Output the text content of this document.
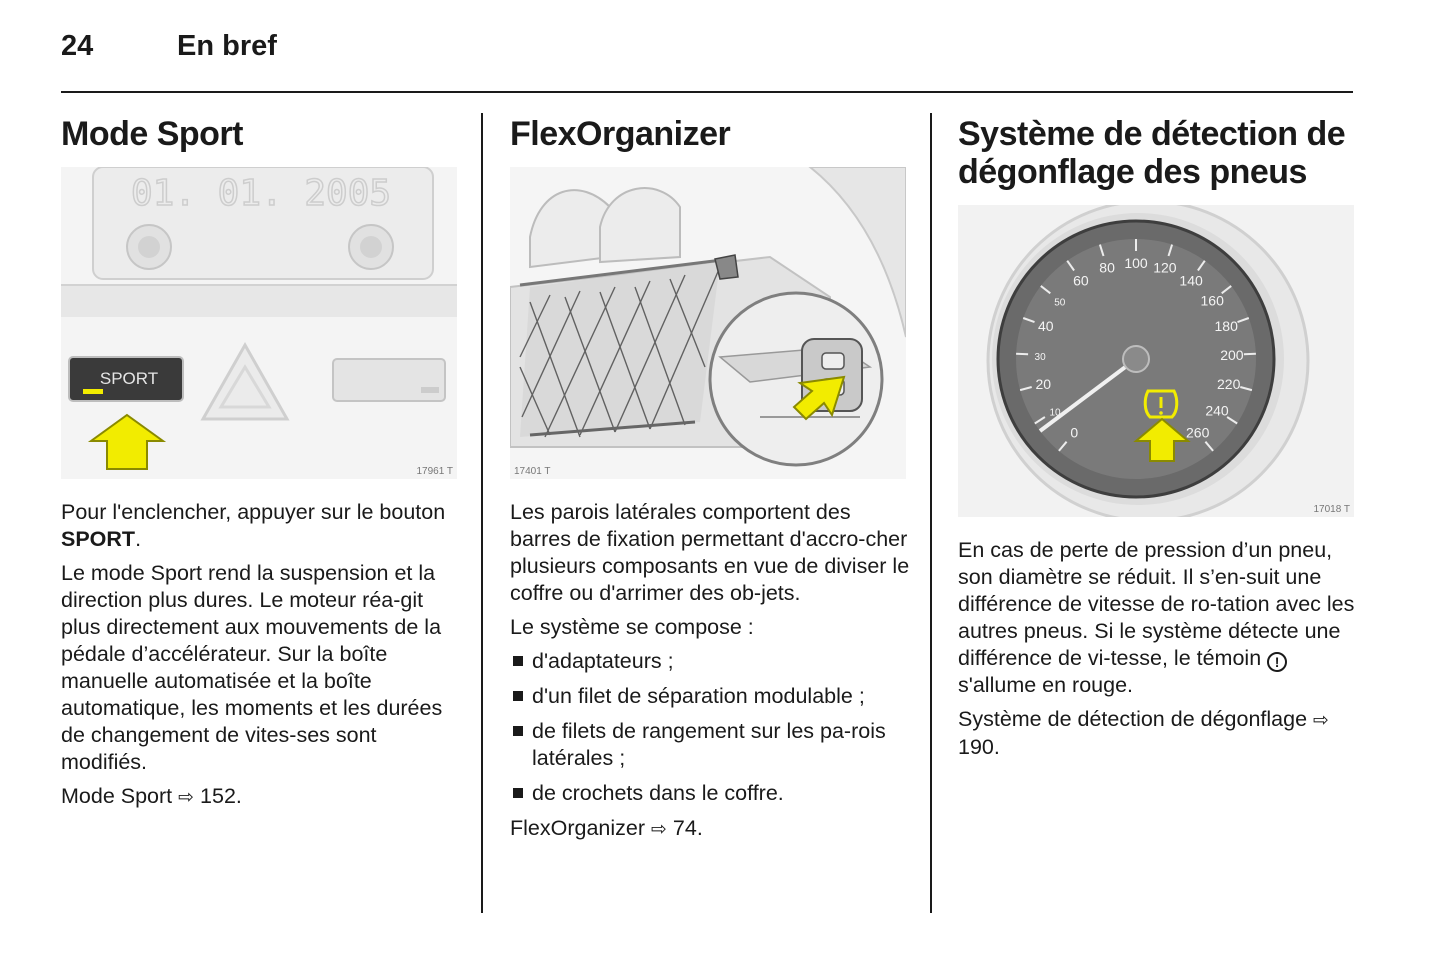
24	En bref
Mode Sport
01. 01. 2005
SPORT
17961 T

Pour l'enclencher, appuyer sur le bouton SPORT.

Le mode Sport rend la suspension et la direction plus dures. Le moteur réa-git plus directement aux mouvements de la pédale d’accélérateur. Sur la boîte manuelle automatisée et la boîte automatique, les moments et les durées de changement de vites-ses sont modifiés.

Mode Sport ⇨ 152.

FlexOrganizer
17401 T

Les parois latérales comportent des barres de fixation permettant d'accro-cher plusieurs composants en vue de diviser le coffre ou d'arrimer des ob-jets.

Le système se compose :

d'adaptateurs ;
d'un filet de séparation modulable ;
de filets de rangement sur les pa-rois latérales ;
de crochets dans le coffre.

FlexOrganizer ⇨ 74.

Système de détection de dégonflage des pneus
0
10
20
30
40
50
60
80 100 120
140
160
180
200
220
240
260
17018 T

En cas de perte de pression d’un pneu, son diamètre se réduit. Il s’en-suit une différence de vitesse de ro-tation avec les autres pneus. Si le système détecte une différence de vi-tesse, le témoin ! s'allume en rouge.

Système de détection de dégonflage ⇨ 190.
